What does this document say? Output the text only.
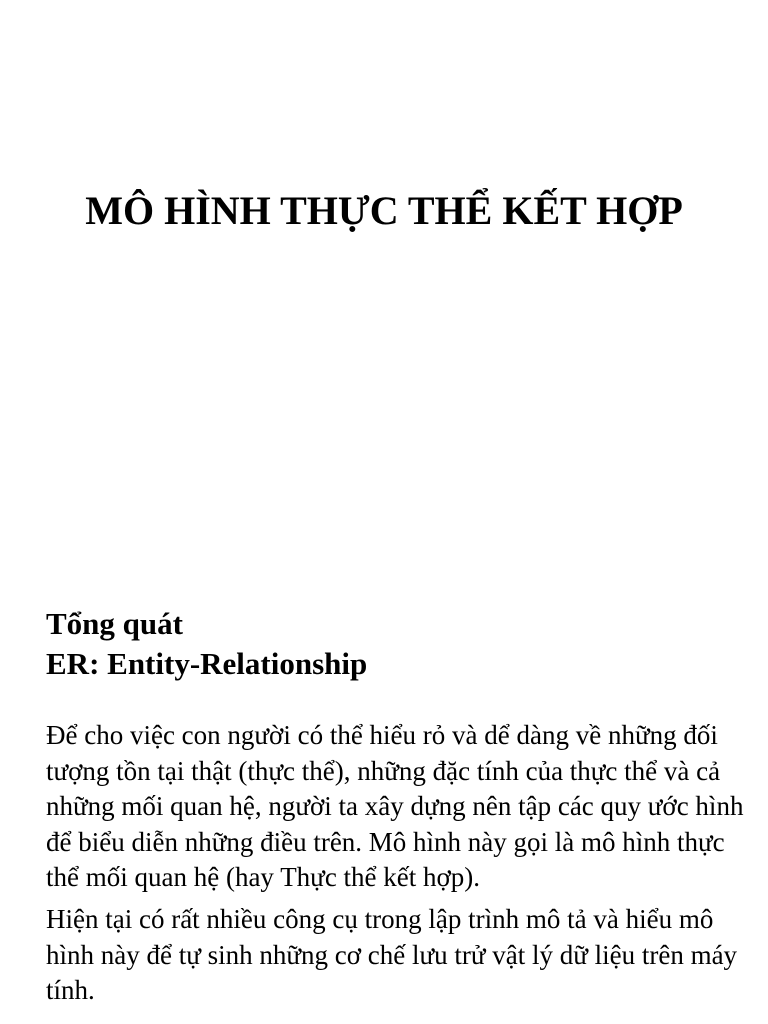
MÔ HÌNH THỰC THỂ KẾT HỢP

Tổng quát

ER: Entity-Relationship

Để cho việc con người có thể hiểu rỏ và dể dàng về những đối tượng tồn tại thật (thực thể), những đặc tính của thực thể và cả những mối quan hệ, người ta xây dựng nên tập các quy ước hình để biểu diễn những điều trên. Mô hình này gọi là mô hình thực thể mối quan hệ (hay Thực thể kết hợp).

Hiện tại có rất nhiều công cụ trong lập trình mô tả và hiểu mô hình này để tự sinh những cơ chế lưu trử vật lý dữ liệu trên máy tính.
